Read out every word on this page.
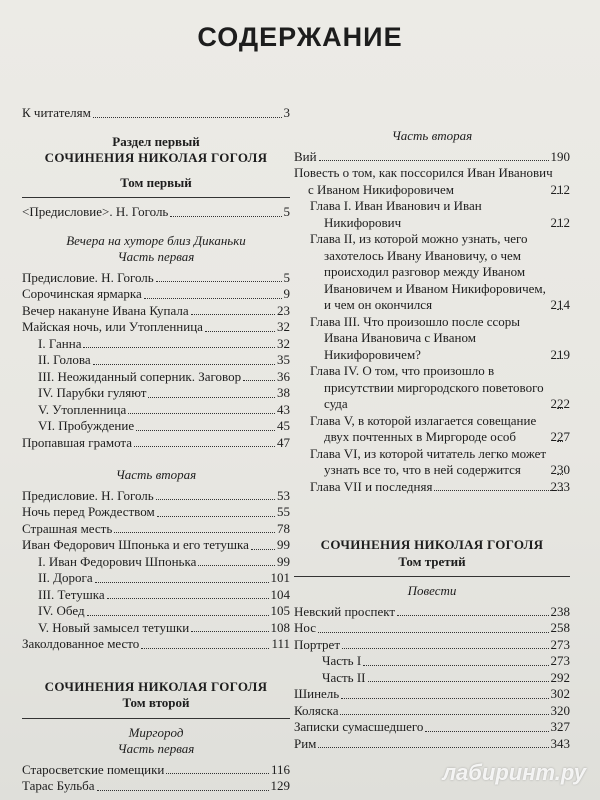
СОДЕРЖАНИЕ
К читателям	3
Раздел первый
СОЧИНЕНИЯ НИКОЛАЯ ГОГОЛЯ
Том первый
<Предисловие>. Н. Гоголь	5
Вечера на хуторе близ Диканьки
Часть первая
Предисловие. Н. Гоголь	5
Сорочинская ярмарка	9
Вечер накануне Ивана Купала	23
Майская ночь, или Утопленница	32
I. Ганна	32
II. Голова	35
III. Неожиданный соперник. Заговор	36
IV. Парубки гуляют	38
V. Утопленница	43
VI. Пробуждение	45
Пропавшая грамота	47
Часть вторая
Предисловие. Н. Гоголь	53
Ночь перед Рождеством	55
Страшная месть	78
Иван Федорович Шпонька и его тетушка 99
I. Иван Федорович Шпонька	99
II. Дорога	101
III. Тетушка	104
IV. Обед	105
V. Новый замысел тетушки	108
Заколдованное место	111
СОЧИНЕНИЯ НИКОЛАЯ ГОГОЛЯ
Том второй
Миргород
Часть первая
Старосветские помещики	116
Тарас Бульба	129
Часть вторая
Вий	190
Повесть о том, как поссорился Иван Иванович с Иваном Никифоровичем	212
Глава I. Иван Иванович и Иван Никифорович	212
Глава II, из которой можно узнать, чего захотелось Ивану Ивановичу, о чем происходил разговор между Иваном Ивановичем и Иваном Никифоровичем, и чем он окончился	214
Глава III. Что произошло после ссоры Ивана Ивановича с Иваном Никифоровичем?	219
Глава IV. О том, что произошло в присутствии миргородского поветового суда	222
Глава V, в которой излагается совещание двух почтенных в Миргороде особ	227
Глава VI, из которой читатель легко может узнать все то, что в ней содержится	230
Глава VII и последняя	233
СОЧИНЕНИЯ НИКОЛАЯ ГОГОЛЯ
Том третий
Повести
Невский проспект	238
Нос	258
Портрет	273
Часть I	273
Часть II	292
Шинель	302
Коляска	320
Записки сумасшедшего	327
Рим	343
лабиринт.ру
